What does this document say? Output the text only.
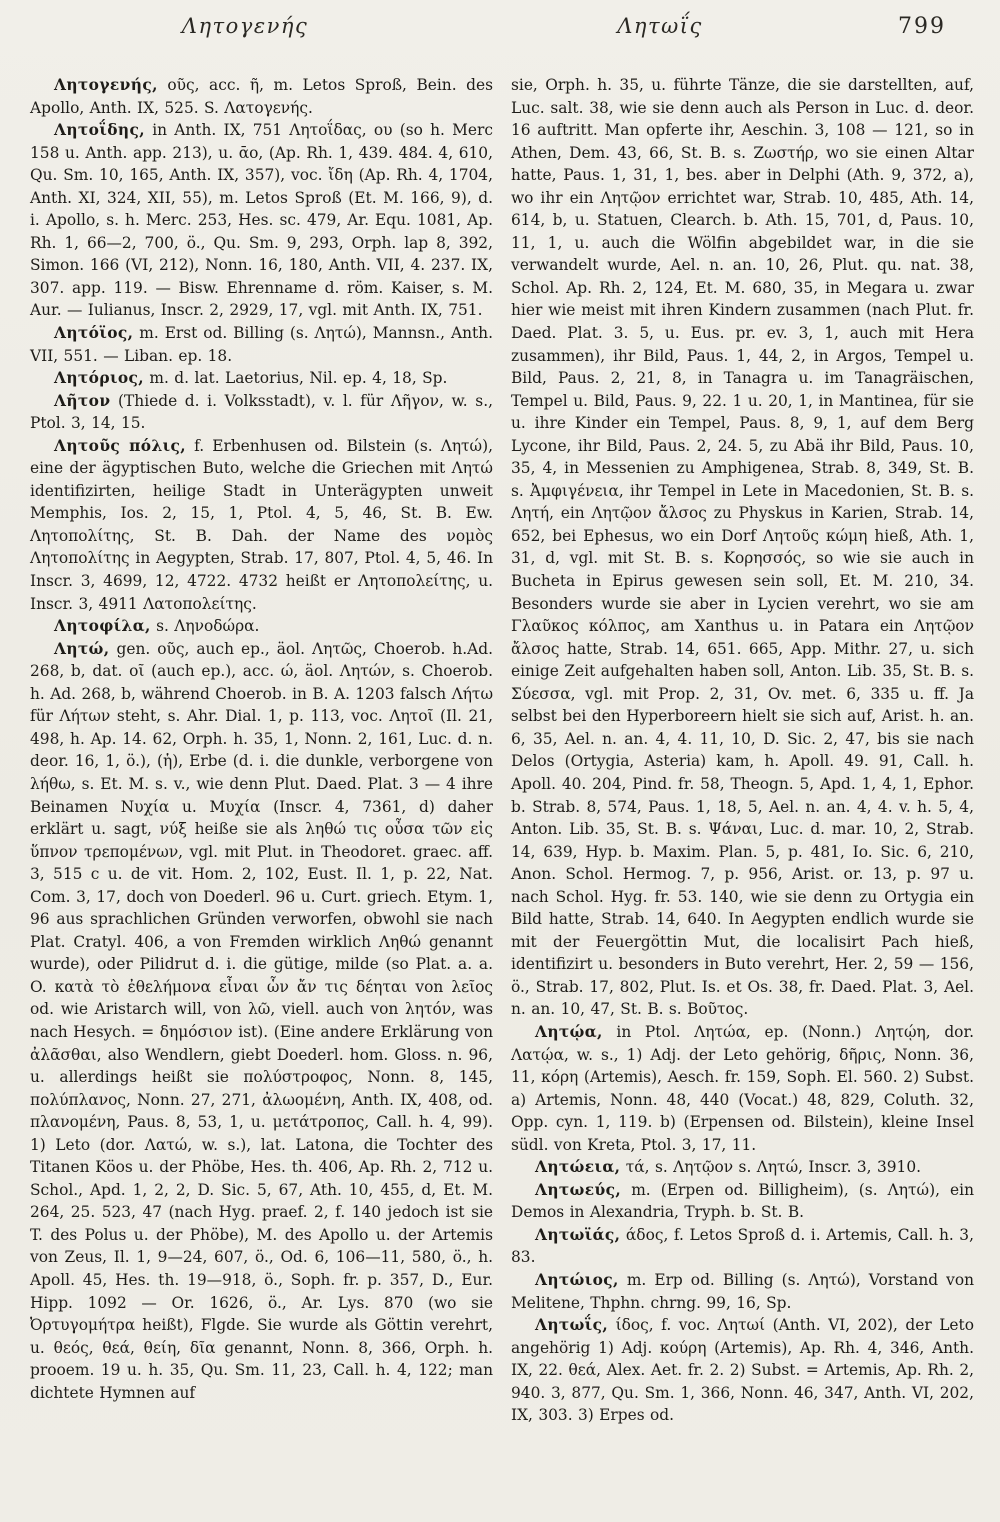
Λητογενής	Λητωΐς	799

Λητογενής, οῦς, acc. ῆ, m. Letos Sproß, Bein. des Apollo, Anth. IX, 525. S. Λατογενής.

Λητοΐδης, in Anth. IX, 751 Λητοΐδας, ου (so h. Merc 158 u. Anth. app. 213), u. ᾱο, (Ap. Rh. 1, 439. 484. 4, 610, Qu. Sm. 10, 165, Anth. IX, 357), voc. ἴδη (Ap. Rh. 4, 1704, Anth. XI, 324, XII, 55), m. Letos Sproß (Et. M. 166, 9), d. i. Apollo, s. h. Merc. 253, Hes. sc. 479, Ar. Equ. 1081, Ap. Rh. 1, 66—2, 700, ö., Qu. Sm. 9, 293, Orph. lap 8, 392, Simon. 166 (VI, 212), Nonn. 16, 180, Anth. VII, 4. 237. IX, 307. app. 119. — Bisw. Ehrenname d. röm. Kaiser, s. M. Aur. — Iulianus, Inscr. 2, 2929, 17, vgl. mit Anth. IX, 751.

Λητόϊος, m. Erst od. Billing (s. Λητώ), Mannsn., Anth. VII, 551. — Liban. ep. 18.

Λητόριος, m. d. lat. Laetorius, Nil. ep. 4, 18, Sp.

Λῆτον (Thiede d. i. Volksstadt), v. l. für Λῆγον, w. s., Ptol. 3, 14, 15.

Λητοῦς πόλις, f. Erbenhusen od. Bilstein (s. Λητώ), eine der ägyptischen Buto, welche die Griechen mit Λητώ identifizirten, heilige Stadt in Unterägypten unweit Memphis, Ios. 2, 15, 1, Ptol. 4, 5, 46, St. B. Ew. Λητοπολίτης, St. B. Dah. der Name des νομὸς Λητοπολίτης in Aegypten, Strab. 17, 807, Ptol. 4, 5, 46. In Inscr. 3, 4699, 12, 4722. 4732 heißt er Λητοπολείτης, u. Inscr. 3, 4911 Λατοπολείτης.

Λητοφίλα, s. Ληνοδώρα.

Λητώ, gen. οῦς, auch ep., äol. Λητῶς, Choerob. h.Ad. 268, b, dat. οῖ (auch ep.), acc. ώ, äol. Λητών, s. Choerob. h. Ad. 268, b, während Choerob. in B. A. 1203 falsch Λήτω für Λήτων steht, s. Ahr. Dial. 1, p. 113, voc. Λητοῖ (Il. 21, 498, h. Ap. 14. 62, Orph. h. 35, 1, Nonn. 2, 161, Luc. d. n. deor. 16, 1, ö.), (ἡ), Erbe (d. i. die dunkle, verborgene von λήθω, s. Et. M. s. v., wie denn Plut. Daed. Plat. 3 — 4 ihre Beinamen Νυχία u. Μυχία (Inscr. 4, 7361, d) daher erklärt u. sagt, νύξ heiße sie als ληθώ τις οὖσα τῶν εἰς ὕπνον τρεπομένων, vgl. mit Plut. in Theodoret. graec. aff. 3, 515 c u. de vit. Hom. 2, 102, Eust. Il. 1, p. 22, Nat. Com. 3, 17, doch von Doederl. 96 u. Curt. griech. Etym. 1, 96 aus sprachlichen Gründen verworfen, obwohl sie nach Plat. Cratyl. 406, a von Fremden wirklich Ληθώ genannt wurde), oder Pilidrut d. i. die gütige, milde (so Plat. a. a. O. κατὰ τὸ ἐθελήμονα εἶναι ὧν ἄν τις δέηται von λεῖος od. wie Aristarch will, von λῶ, viell. auch von λητόν, was nach Hesych. = δημόσιον ist). (Eine andere Erklärung von ἀλᾶσθαι, also Wendlern, giebt Doederl. hom. Gloss. n. 96, u. allerdings heißt sie πολύστροφος, Nonn. 8, 145, πολύπλανος, Nonn. 27, 271, ἀλωομένη, Anth. IX, 408, od. πλανομένη, Paus. 8, 53, 1, u. μετάτροπος, Call. h. 4, 99). 1) Leto (dor. Λατώ, w. s.), lat. Latona, die Tochter des Titanen Köos u. der Phöbe, Hes. th. 406, Ap. Rh. 2, 712 u. Schol., Apd. 1, 2, 2, D. Sic. 5, 67, Ath. 10, 455, d, Et. M. 264, 25. 523, 47 (nach Hyg. praef. 2, f. 140 jedoch ist sie T. des Polus u. der Phöbe), M. des Apollo u. der Artemis von Zeus, Il. 1, 9—24, 607, ö., Od. 6, 106—11, 580, ö., h. Apoll. 45, Hes. th. 19—918, ö., Soph. fr. p. 357, D., Eur. Hipp. 1092 — Or. 1626, ö., Ar. Lys. 870 (wo sie Ὀρτυγομήτρα heißt), Flgde. Sie wurde als Göttin verehrt, u. θεός, θεά, θείη, δῖα genannt, Nonn. 8, 366, Orph. h. prooem. 19 u. h. 35, Qu. Sm. 11, 23, Call. h. 4, 122; man dichtete Hymnen auf

sie, Orph. h. 35, u. führte Tänze, die sie darstellten, auf, Luc. salt. 38, wie sie denn auch als Person in Luc. d. deor. 16 auftritt. Man opferte ihr, Aeschin. 3, 108 — 121, so in Athen, Dem. 43, 66, St. B. s. Ζωστήρ, wo sie einen Altar hatte, Paus. 1, 31, 1, bes. aber in Delphi (Ath. 9, 372, a), wo ihr ein Λητῷον errichtet war, Strab. 10, 485, Ath. 14, 614, b, u. Statuen, Clearch. b. Ath. 15, 701, d, Paus. 10, 11, 1, u. auch die Wölfin abgebildet war, in die sie verwandelt wurde, Ael. n. an. 10, 26, Plut. qu. nat. 38, Schol. Ap. Rh. 2, 124, Et. M. 680, 35, in Megara u. zwar hier wie meist mit ihren Kindern zusammen (nach Plut. fr. Daed. Plat. 3. 5, u. Eus. pr. ev. 3, 1, auch mit Hera zusammen), ihr Bild, Paus. 1, 44, 2, in Argos, Tempel u. Bild, Paus. 2, 21, 8, in Tanagra u. im Tanagräischen, Tempel u. Bild, Paus. 9, 22. 1 u. 20, 1, in Mantinea, für sie u. ihre Kinder ein Tempel, Paus. 8, 9, 1, auf dem Berg Lycone, ihr Bild, Paus. 2, 24. 5, zu Abä ihr Bild, Paus. 10, 35, 4, in Messenien zu Amphigenea, Strab. 8, 349, St. B. s. Ἀμφιγένεια, ihr Tempel in Lete in Macedonien, St. B. s. Λητή, ein Λητῷον ἄλσος zu Physkus in Karien, Strab. 14, 652, bei Ephesus, wo ein Dorf Λητοῦς κώμη hieß, Ath. 1, 31, d, vgl. mit St. B. s. Κορησσός, so wie sie auch in Bucheta in Epirus gewesen sein soll, Et. M. 210, 34. Besonders wurde sie aber in Lycien verehrt, wo sie am Γλαῦκος κόλπος, am Xanthus u. in Patara ein Λητῷον ἄλσος hatte, Strab. 14, 651. 665, App. Mithr. 27, u. sich einige Zeit aufgehalten haben soll, Anton. Lib. 35, St. B. s. Σύεσσα, vgl. mit Prop. 2, 31, Ov. met. 6, 335 u. ff. Ja selbst bei den Hyperboreern hielt sie sich auf, Arist. h. an. 6, 35, Ael. n. an. 4, 4. 11, 10, D. Sic. 2, 47, bis sie nach Delos (Ortygia, Asteria) kam, h. Apoll. 49. 91, Call. h. Apoll. 40. 204, Pind. fr. 58, Theogn. 5, Apd. 1, 4, 1, Ephor. b. Strab. 8, 574, Paus. 1, 18, 5, Ael. n. an. 4, 4. v. h. 5, 4, Anton. Lib. 35, St. B. s. Ψάναι, Luc. d. mar. 10, 2, Strab. 14, 639, Hyp. b. Maxim. Plan. 5, p. 481, Io. Sic. 6, 210, Anon. Schol. Hermog. 7, p. 956, Arist. or. 13, p. 97 u. nach Schol. Hyg. fr. 53. 140, wie sie denn zu Ortygia ein Bild hatte, Strab. 14, 640. In Aegypten endlich wurde sie mit der Feuergöttin Mut, die localisirt Pach hieß, identifizirt u. besonders in Buto verehrt, Her. 2, 59 — 156, ö., Strab. 17, 802, Plut. Is. et Os. 38, fr. Daed. Plat. 3, Ael. n. an. 10, 47, St. B. s. Βοῦτος.

Λητῴα, in Ptol. Λητώα, ep. (Nonn.) Λητῴη, dor. Λατῴα, w. s., 1) Adj. der Leto gehörig, δῆρις, Nonn. 36, 11, κόρη (Artemis), Aesch. fr. 159, Soph. El. 560. 2) Subst. a) Artemis, Nonn. 48, 440 (Vocat.) 48, 829, Coluth. 32, Opp. cyn. 1, 119. b) (Erpensen od. Bilstein), kleine Insel südl. von Kreta, Ptol. 3, 17, 11.

Λητώεια, τά, s. Λητῷον s. Λητώ, Inscr. 3, 3910.

Λητωεύς, m. (Erpen od. Billigheim), (s. Λητώ), ein Demos in Alexandria, Tryph. b. St. B.

Λητωϊάς, άδος, f. Letos Sproß d. i. Artemis, Call. h. 3, 83.

Λητώιος, m. Erp od. Billing (s. Λητώ), Vorstand von Melitene, Thphn. chrng. 99, 16, Sp.

Λητωΐς, ίδος, f. voc. Λητωί (Anth. VI, 202), der Leto angehörig 1) Adj. κούρη (Artemis), Ap. Rh. 4, 346, Anth. IX, 22. θεά, Alex. Aet. fr. 2. 2) Subst. = Artemis, Ap. Rh. 2, 940. 3, 877, Qu. Sm. 1, 366, Nonn. 46, 347, Anth. VI, 202, IX, 303. 3) Erpes od.
